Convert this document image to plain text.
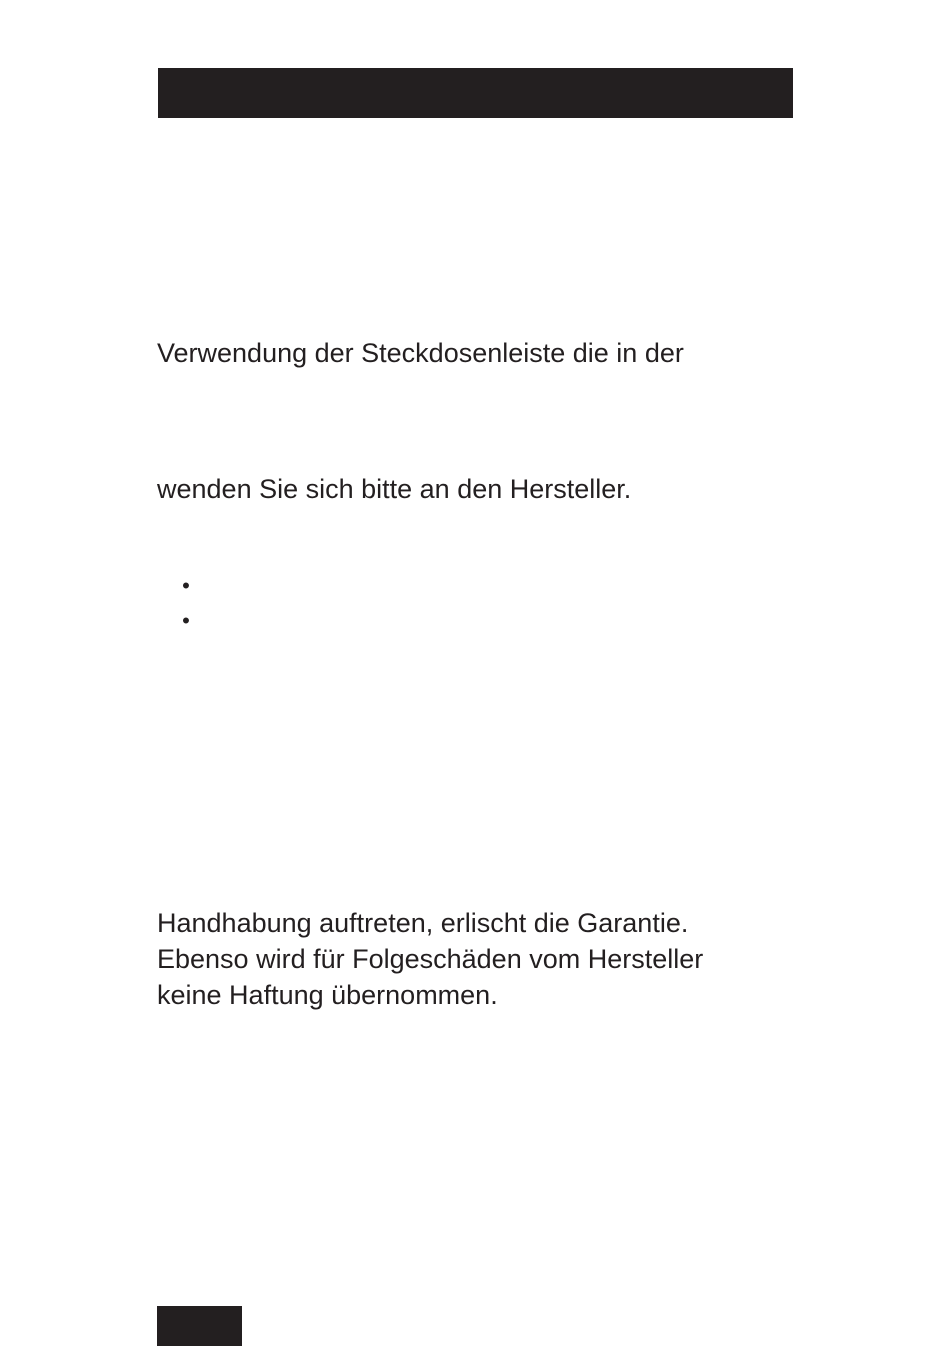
Verwendung der Steckdosenleiste die in der

wenden Sie sich bitte an den Hersteller.

•
•
Handhabung auftreten, erlischt die Garantie.
Ebenso wird für Folgeschäden vom Hersteller
keine Haftung übernommen.
